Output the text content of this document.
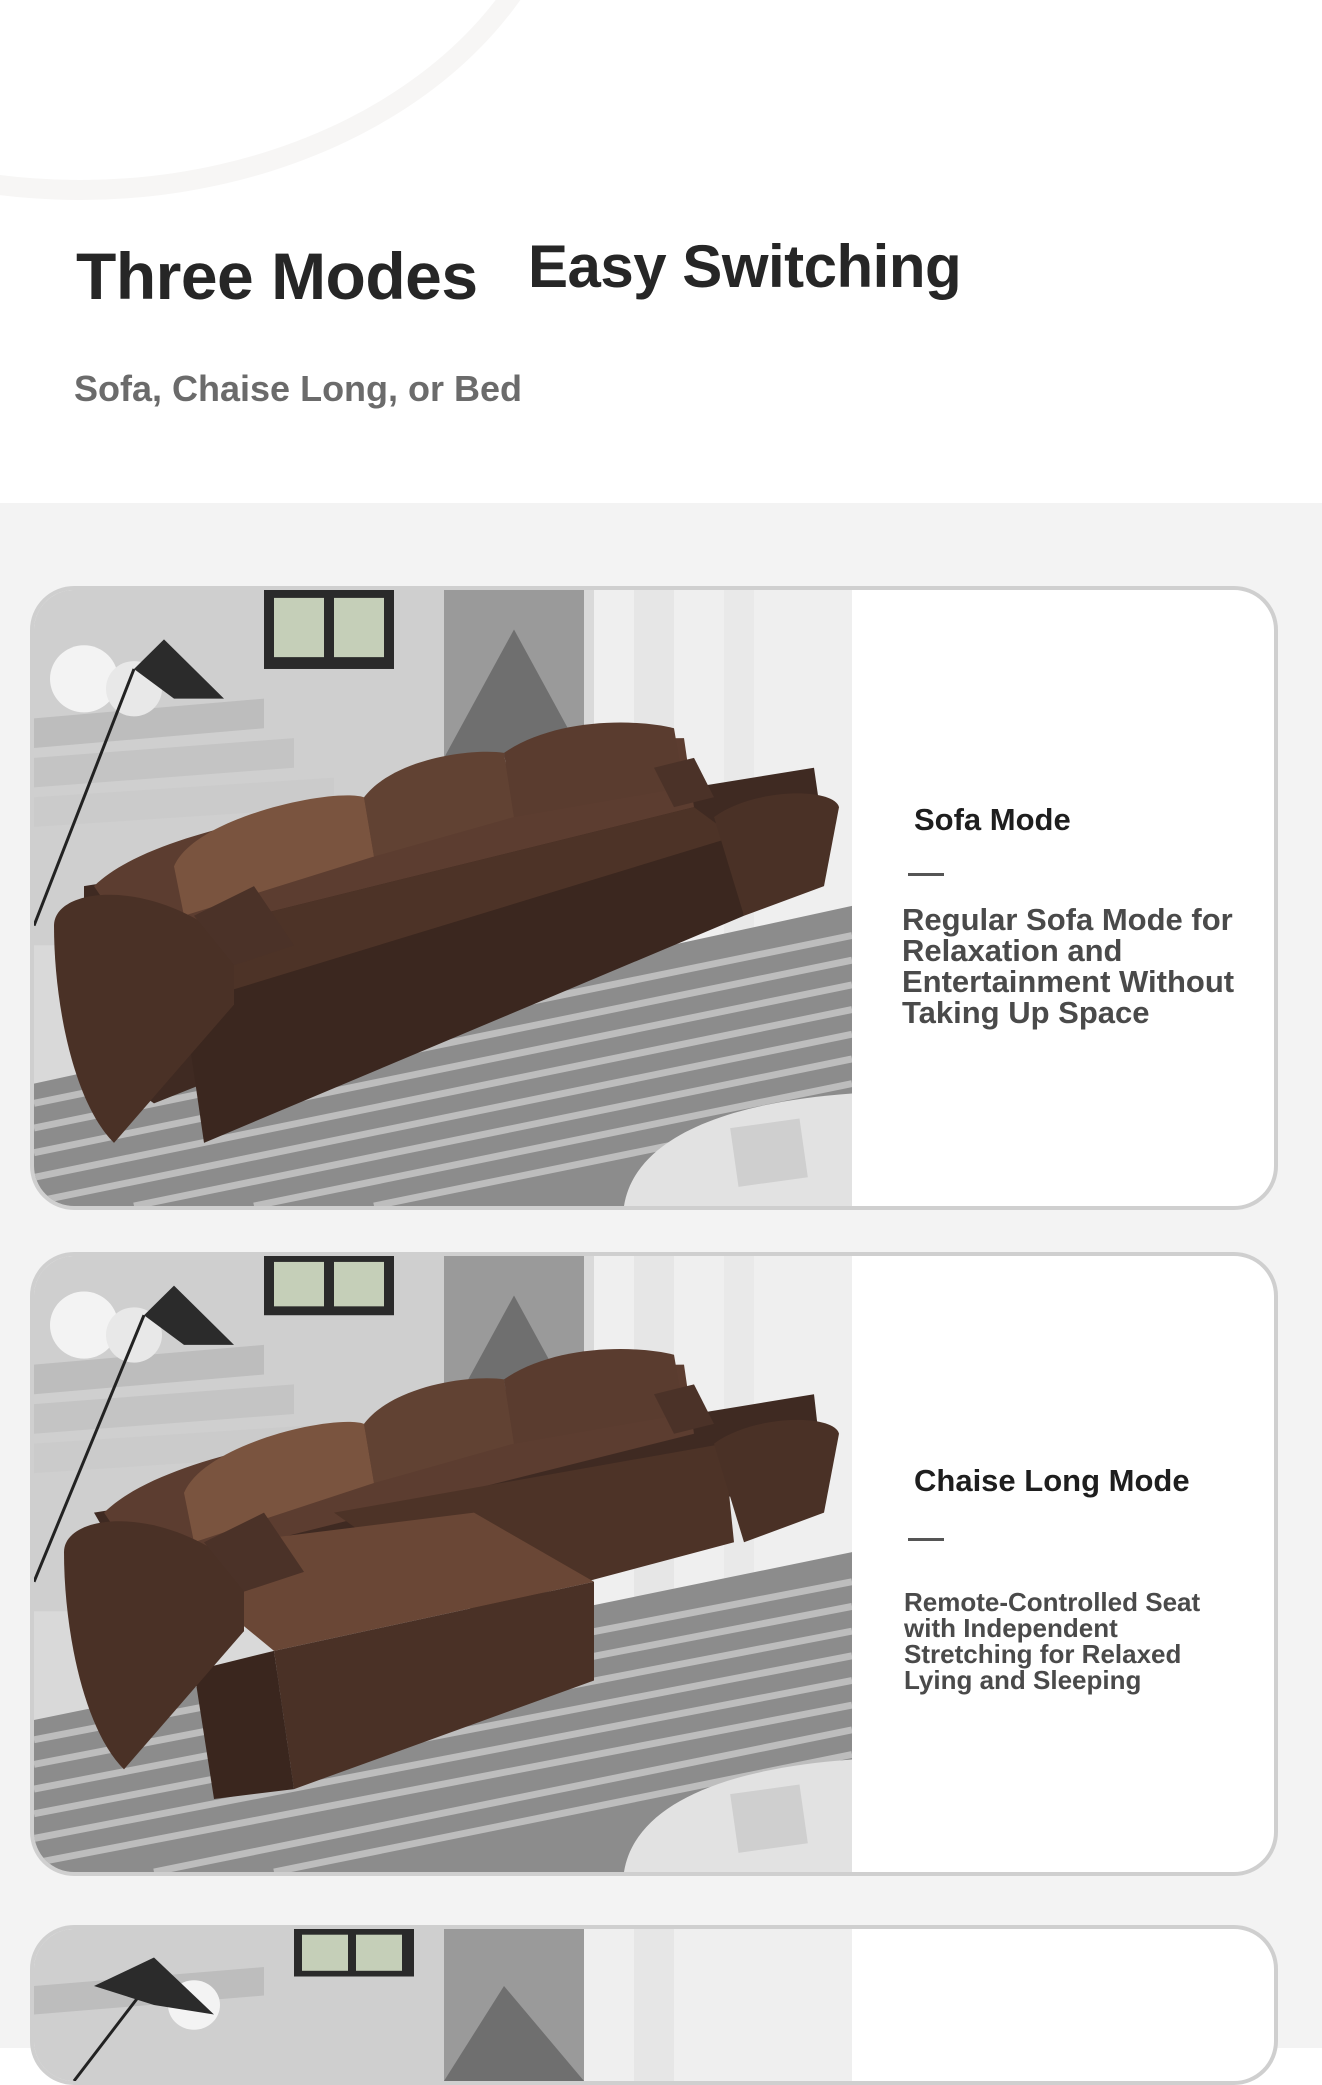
Three Modes Easy Switching

Sofa, Chaise Long, or Bed

Sofa Mode

Regular Sofa Mode for Relaxation and Entertainment Without Taking Up Space

Chaise Long Mode

Remote-Controlled Seat with Independent Stretching for Relaxed Lying and Sleeping
